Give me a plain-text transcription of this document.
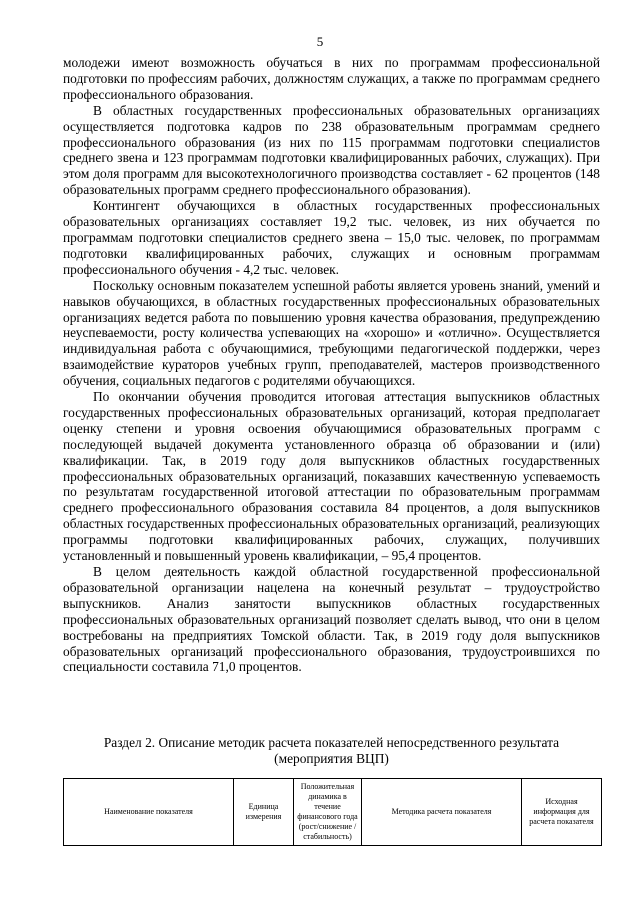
5

молодежи имеют возможность обучаться в них по программам профессиональной подготовки по профессиям рабочих, должностям служащих, а также по программам среднего профессионального образования.

В областных государственных профессиональных образовательных организациях осуществляется подготовка кадров по 238 образовательным программам среднего профессионального образования (из них по 115 программам подготовки специалистов среднего звена и 123 программам подготовки квалифицированных рабочих, служащих). При этом доля программ для высокотехнологичного производства составляет - 62 процентов (148 образовательных программ среднего профессионального образования).

Контингент обучающихся в областных государственных профессиональных образовательных организациях составляет 19,2 тыс. человек, из них обучается по программам подготовки специалистов среднего звена – 15,0 тыс. человек, по программам подготовки квалифицированных рабочих, служащих и основным программам профессионального обучения - 4,2 тыс. человек.

Поскольку основным показателем успешной работы является уровень знаний, умений и навыков обучающихся, в областных государственных профессиональных образовательных организациях ведется работа по повышению уровня качества образования, предупреждению неуспеваемости, росту количества успевающих на «хорошо» и «отлично». Осуществляется индивидуальная работа с обучающимися, требующими педагогической поддержки, через взаимодействие кураторов учебных групп, преподавателей, мастеров производственного обучения, социальных педагогов с родителями обучающихся.

По окончании обучения проводится итоговая аттестация выпускников областных государственных профессиональных образовательных организаций, которая предполагает оценку степени и уровня освоения обучающимися образовательных программ с последующей выдачей документа установленного образца об образовании и (или) квалификации. Так, в 2019 году доля выпускников областных государственных профессиональных образовательных организаций, показавших качественную успеваемость по результатам государственной итоговой аттестации по образовательным программам среднего профессионального образования составила 84 процентов, а доля выпускников областных государственных профессиональных образовательных организаций, реализующих программы подготовки квалифицированных рабочих, служащих, получивших установленный и повышенный уровень квалификации, – 95,4 процентов.

В целом деятельность каждой областной государственной профессиональной образовательной организации нацелена на конечный результат – трудоустройство выпускников. Анализ занятости выпускников областных государственных профессиональных образовательных организаций позволяет сделать вывод, что они в целом востребованы на предприятиях Томской области. Так, в 2019 году доля выпускников образовательных организаций профессионального образования, трудоустроившихся по специальности составила 71,0 процентов.

Раздел 2. Описание методик расчета показателей непосредственного результата (мероприятия ВЦП)
Наименование показателя	Единица измерения	Положительная динамика в течение финансового года (рост/снижение /стабильность)	Методика расчета показателя	Исходная информация для расчета показателя
